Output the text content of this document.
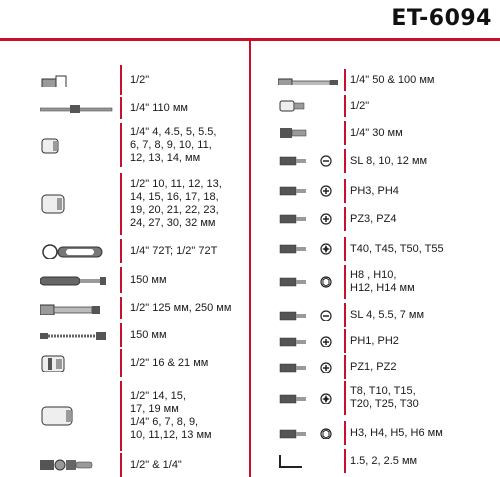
ET-6094
1/2"
1/4" 110 мм
1/4" 4, 4.5, 5, 5.5,
6, 7, 8, 9, 10, 11,
12, 13, 14, мм
1/2" 10, 11, 12, 13,
14, 15, 16, 17, 18,
19, 20, 21, 22, 23,
24, 27, 30, 32 мм
1/4" 72T; 1/2" 72T
150 мм
1/2" 125 мм, 250 мм
150 мм
1/2" 16 & 21 мм
1/2" 14, 15,
17, 19 мм
1/4" 6, 7, 8, 9,
10, 11,12, 13 мм
1/2" & 1/4"
1/4" 50 & 100 мм
1/2"
1/4" 30 мм
SL 8, 10, 12 мм
PH3, PH4
PZ3, PZ4
T40, T45, T50, T55
H8 , H10,
H12, H14 мм
SL 4, 5.5, 7 мм
PH1, PH2
PZ1, PZ2
T8, T10, T15,
T20, T25, T30
H3, H4, H5, H6 мм
1.5, 2, 2.5 мм
